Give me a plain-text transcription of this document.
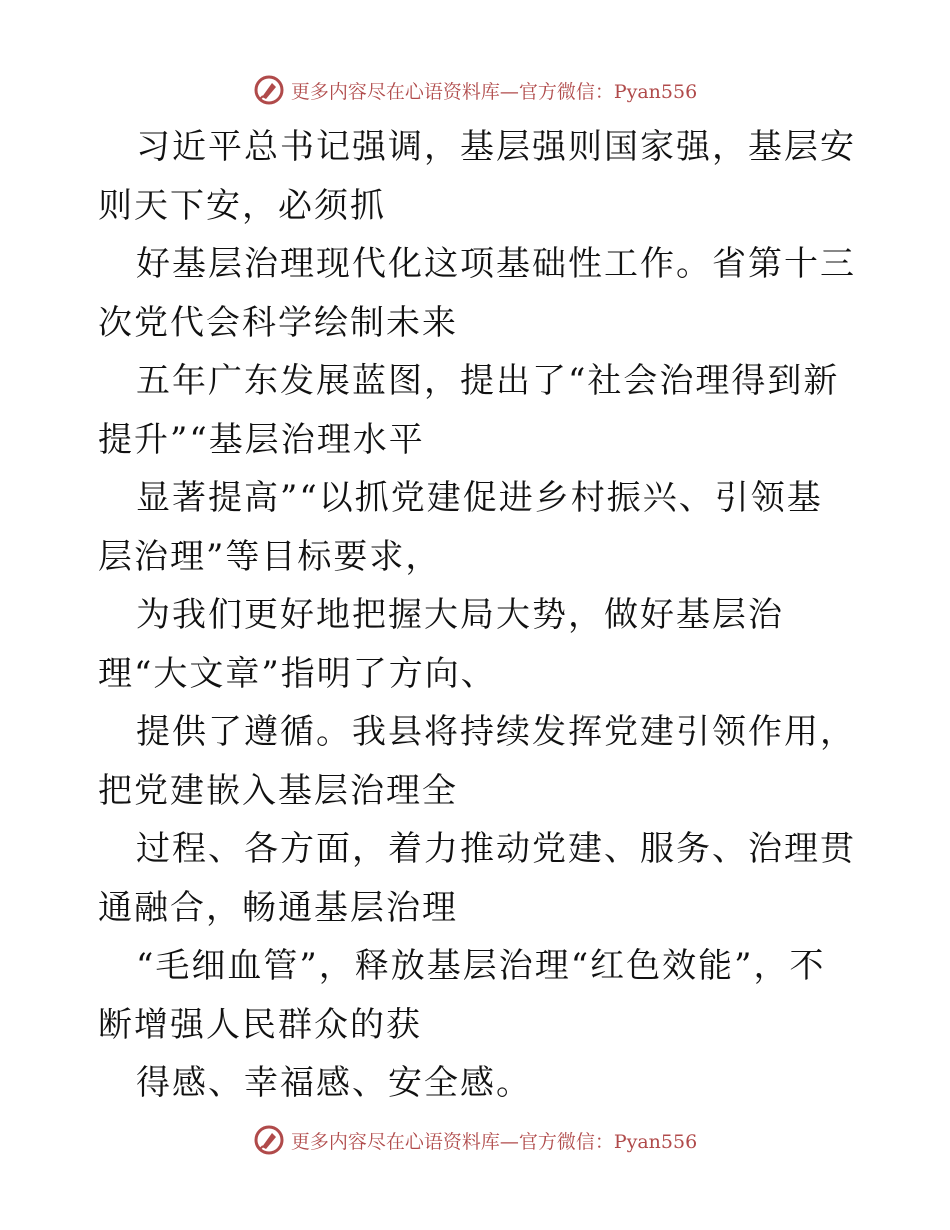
更多内容尽在心语资料库—官方微信：Pyan556

习近平总书记强调，基层强则国家强，基层安则天下安，必须抓

好基层治理现代化这项基础性工作。省第十三次党代会科学绘制未来

五年广东发展蓝图，提出了“社会治理得到新提升”“基层治理水平

显著提高”“以抓党建促进乡村振兴、引领基层治理”等目标要求，

为我们更好地把握大局大势，做好基层治理“大文章”指明了方向、

提供了遵循。我县将持续发挥党建引领作用，把党建嵌入基层治理全

过程、各方面，着力推动党建、服务、治理贯通融合，畅通基层治理

“毛细血管”，释放基层治理“红色效能”，不断增强人民群众的获

得感、幸福感、安全感。

更多内容尽在心语资料库—官方微信：Pyan556
